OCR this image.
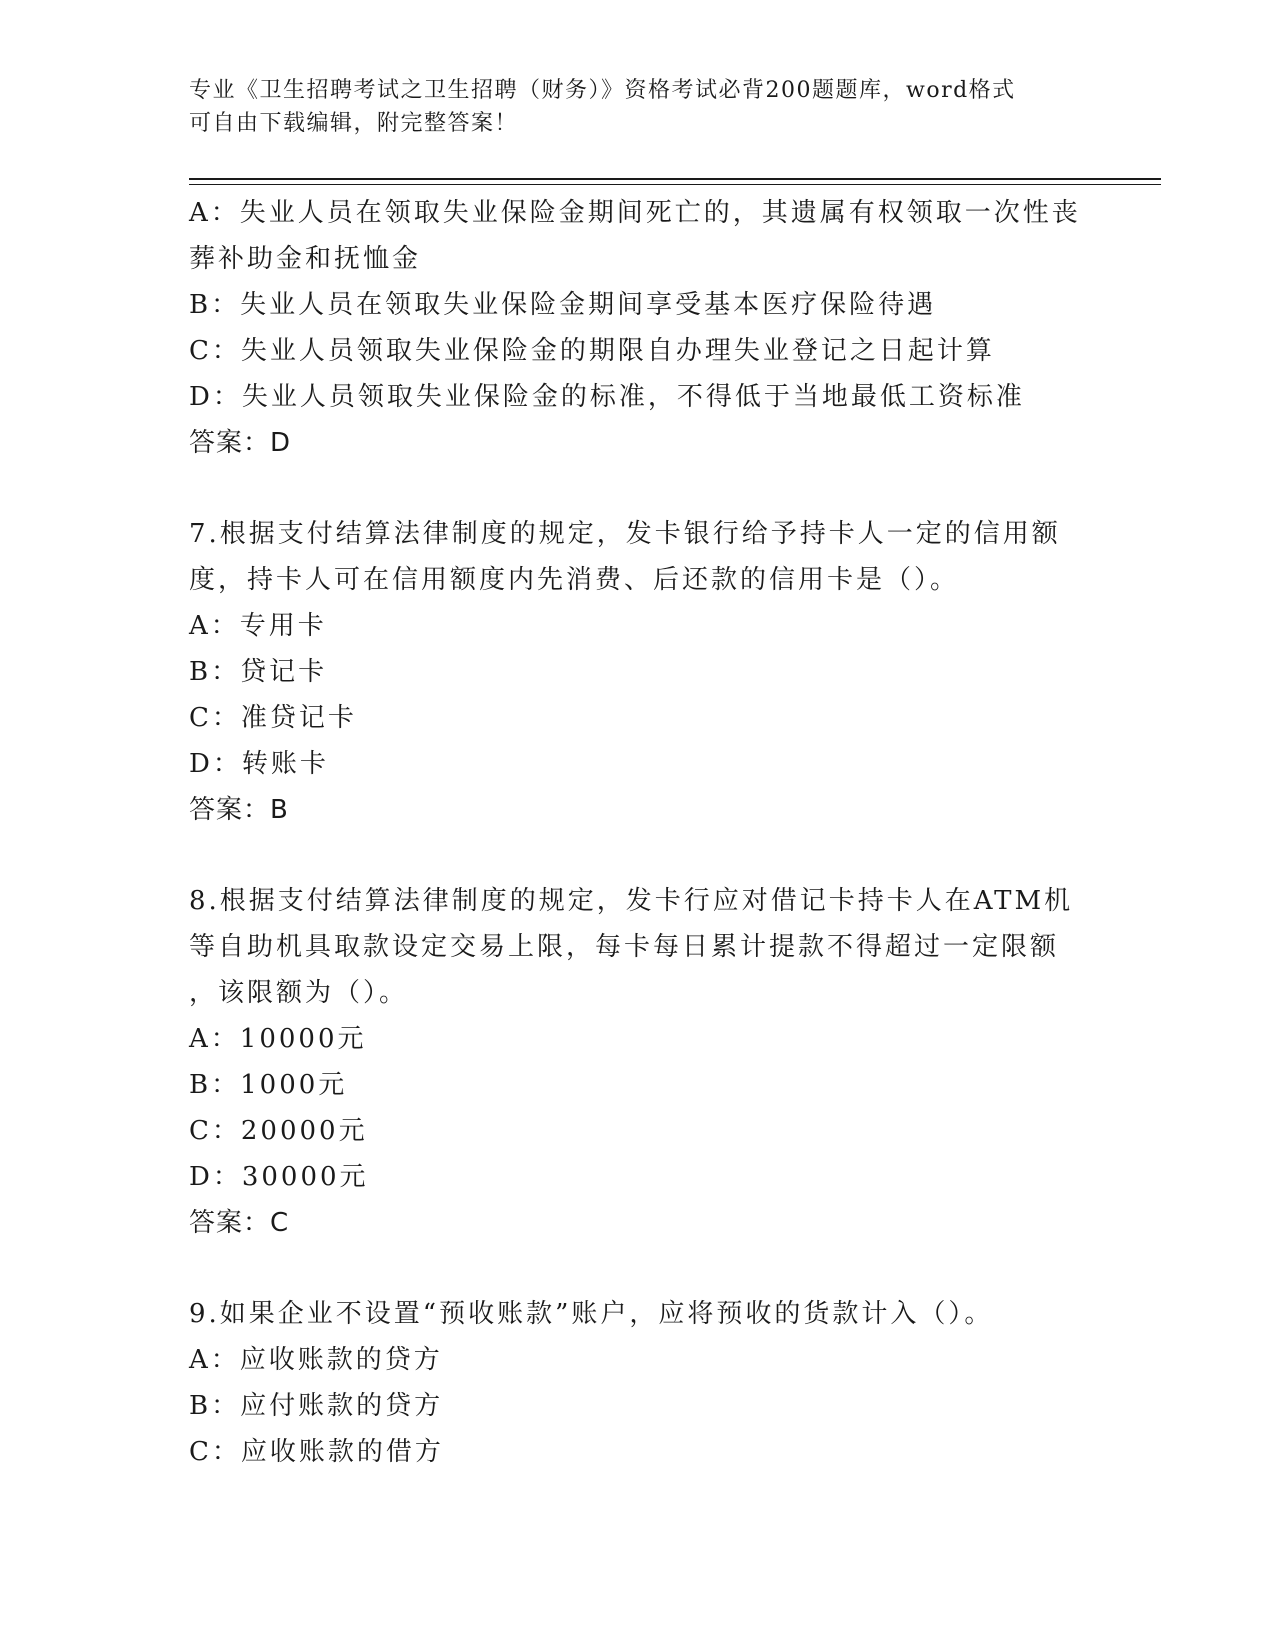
专业《卫生招聘考试之卫生招聘（财务）》资格考试必背200题题库，word格式
可自由下载编辑，附完整答案！
A：失业人员在领取失业保险金期间死亡的，其遗属有权领取一次性丧
葬补助金和抚恤金
B：失业人员在领取失业保险金期间享受基本医疗保险待遇
C：失业人员领取失业保险金的期限自办理失业登记之日起计算
D：失业人员领取失业保险金的标准，不得低于当地最低工资标准
答案：D
7.根据支付结算法律制度的规定，发卡银行给予持卡人一定的信用额
度，持卡人可在信用额度内先消费、后还款的信用卡是（）。
A：专用卡
B：贷记卡
C：准贷记卡
D：转账卡
答案：B
8.根据支付结算法律制度的规定，发卡行应对借记卡持卡人在ATM机
等自助机具取款设定交易上限，每卡每日累计提款不得超过一定限额
，该限额为（）。
A：10000元
B：1000元
C：20000元
D：30000元
答案：C
9.如果企业不设置“预收账款”账户，应将预收的货款计入（）。
A：应收账款的贷方
B：应付账款的贷方
C：应收账款的借方
